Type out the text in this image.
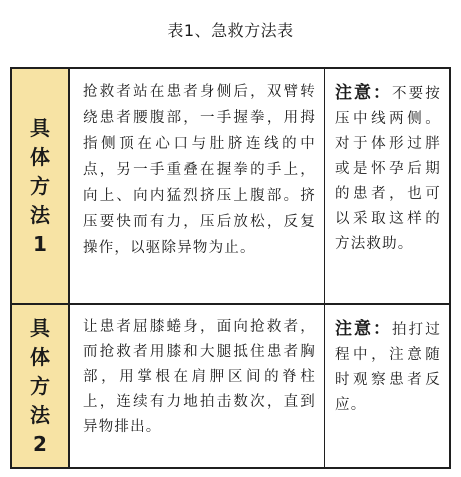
表1、急救方法表
具体方法1
抢救者站在患者身侧后，双臂转绕患者腰腹部，一手握拳，用拇指侧顶在心口与肚脐连线的中点，另一手重叠在握拳的手上，向上、向内猛烈挤压上腹部。挤压要快而有力，压后放松，反复操作，以驱除异物为止。
注意：不要按压中线两侧。对于体形过胖或是怀孕后期的患者，也可以采取这样的方法救助。
具体方法2
让患者屈膝蜷身，面向抢救者，而抢救者用膝和大腿抵住患者胸部，用掌根在肩胛区间的脊柱上，连续有力地拍击数次，直到异物排出。
注意：拍打过程中，注意随时观察患者反应。
